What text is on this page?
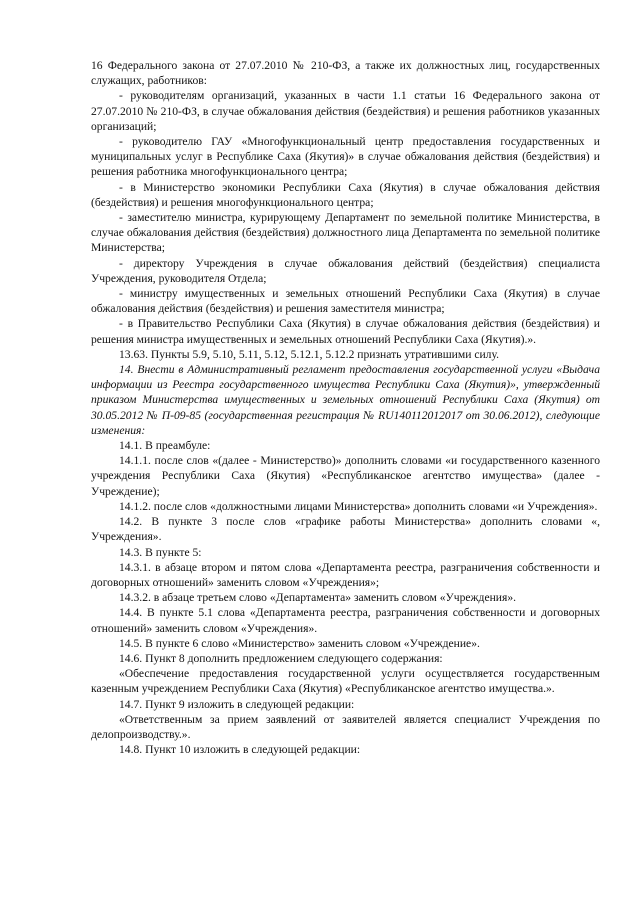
16 Федерального закона от 27.07.2010 № 210-ФЗ, а также их должностных лиц, государственных служащих, работников:

- руководителям организаций, указанных в части 1.1 статьи 16 Федерального закона от 27.07.2010 № 210-ФЗ, в случае обжалования действия (бездействия) и решения работников указанных организаций;

- руководителю ГАУ «Многофункциональный центр предоставления государственных и муниципальных услуг в Республике Саха (Якутия)» в случае обжалования действия (бездействия) и решения работника многофункционального центра;

- в Министерство экономики Республики Саха (Якутия) в случае обжалования действия (бездействия) и решения многофункционального центра;

- заместителю министра, курирующему Департамент по земельной политике Министерства, в случае обжалования действия (бездействия) должностного лица Департамента по земельной политике Министерства;

- директору Учреждения в случае обжалования действий (бездействия) специалиста Учреждения, руководителя Отдела;

- министру имущественных и земельных отношений Республики Саха (Якутия) в случае обжалования действия (бездействия) и решения заместителя министра;

- в Правительство Республики Саха (Якутия) в случае обжалования действия (бездействия) и решения министра имущественных и земельных отношений Республики Саха (Якутия).».

13.63. Пункты 5.9, 5.10, 5.11, 5.12, 5.12.1, 5.12.2 признать утратившими силу.

14. Внести в Административный регламент предоставления государственной услуги «Выдача информации из Реестра государственного имущества Республики Саха (Якутия)», утвержденный приказом Министерства имущественных и земельных отношений Республики Саха (Якутия) от 30.05.2012 № П-09-85 (государственная регистрация № RU140112012017 от 30.06.2012), следующие изменения:

14.1. В преамбуле:

14.1.1. после слов «(далее - Министерство)» дополнить словами «и государственного казенного учреждения Республики Саха (Якутия) «Республиканское агентство имущества» (далее - Учреждение);

14.1.2. после слов «должностными лицами Министерства» дополнить словами «и Учреждения».

14.2. В пункте 3 после слов «графике работы Министерства» дополнить словами «, Учреждения».

14.3. В пункте 5:

14.3.1. в абзаце втором и пятом слова «Департамента реестра, разграничения собственности и договорных отношений» заменить словом «Учреждения»;

14.3.2. в абзаце третьем слово «Департамента» заменить словом «Учреждения».

14.4. В пункте 5.1 слова «Департамента реестра, разграничения собственности и договорных отношений» заменить словом «Учреждения».

14.5. В пункте 6 слово «Министерство» заменить словом «Учреждение».

14.6. Пункт 8 дополнить предложением следующего содержания:

«Обеспечение предоставления государственной услуги осуществляется государственным казенным учреждением Республики Саха (Якутия) «Республиканское агентство имущества.».

14.7. Пункт 9 изложить в следующей редакции:

«Ответственным за прием заявлений от заявителей является специалист Учреждения по делопроизводству.».

14.8. Пункт 10 изложить в следующей редакции:
